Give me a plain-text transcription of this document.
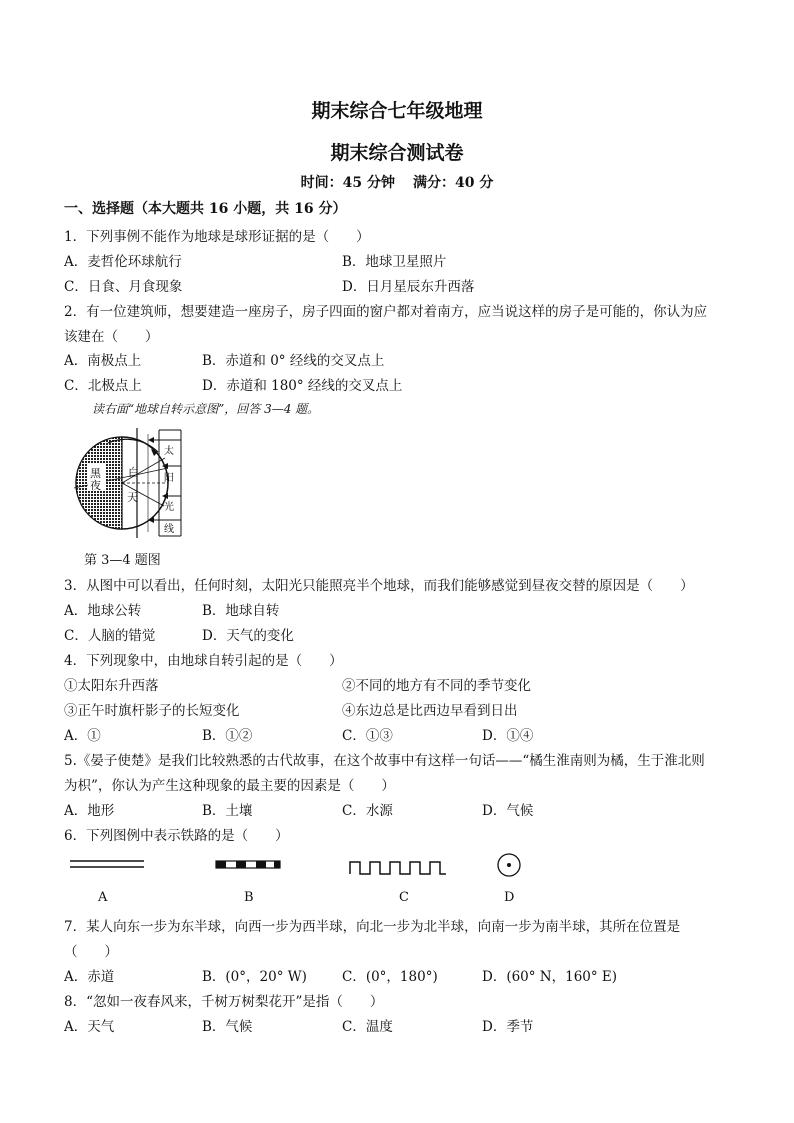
期末综合七年级地理
期末综合测试卷
时间：45 分钟 满分：40 分
一、选择题（本大题共 16 小题，共 16 分）
1．下列事例不能作为地球是球形证据的是（　　）
A．麦哲伦环球航行	B．地球卫星照片
C．日食、月食现象	D．日月星辰东升西落
2．有一位建筑师，想要建造一座房子，房子四面的窗户都对着南方，应当说这样的房子是可能的，你认为应
该建在（　　）
A．南极点上	B．赤道和 0° 经线的交叉点上
C．北极点上	D．赤道和 180° 经线的交叉点上
读右面“地球自转示意图”，回答 3—4 题。
黑
夜
白
天
太
阳
光
线
第 3—4 题图
3．从图中可以看出，任何时刻，太阳光只能照亮半个地球，而我们能够感觉到昼夜交替的原因是（　　）
A．地球公转	B．地球自转
C．人脑的错觉	D．天气的变化
4．下列现象中，由地球自转引起的是（　　）
①太阳东升西落	②不同的地方有不同的季节变化
③正午时旗杆影子的长短变化	④东边总是比西边早看到日出
A．①	B．①②	C．①③	D．①④
5.《晏子使楚》是我们比较熟悉的古代故事，在这个故事中有这样一句话——“橘生淮南则为橘，生于淮北则
为枳”，你认为产生这种现象的最主要的因素是（　　）
A．地形	B．土壤	C．水源	D．气候
6．下列图例中表示铁路的是（　　）
A	B	C	D
7．某人向东一步为东半球，向西一步为西半球，向北一步为北半球，向南一步为南半球，其所在位置是
（　　）
A．赤道	B．(0°，20° W)	C．(0°，180°)	D．(60° N，160° E)
8．“忽如一夜春风来，千树万树梨花开”是指（　　）
A．天气	B．气候	C．温度	D．季节
